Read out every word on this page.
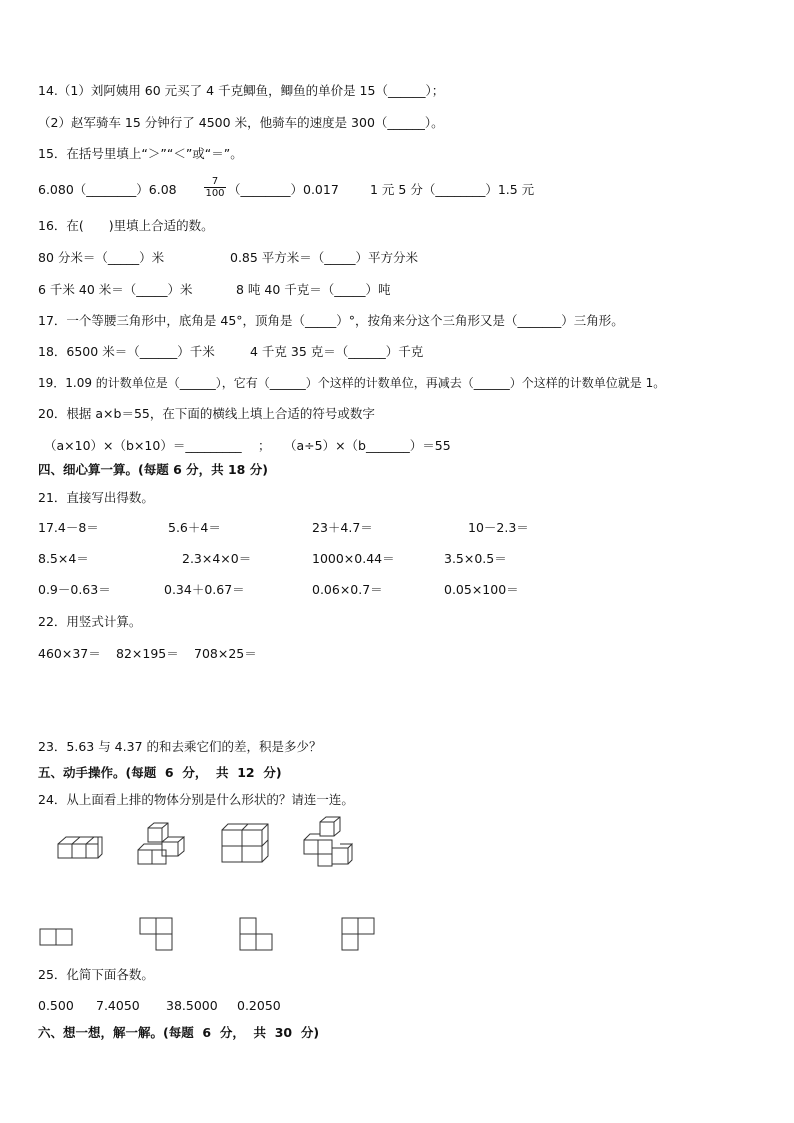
14.（1）刘阿姨用 60 元买了 4 千克鲫鱼，鲫鱼的单价是 15（______）；
（2）赵军骑车 15 分钟行了 4500 米，他骑车的速度是 300（______）。
15．在括号里填上“＞”“＜”或“＝”。
6.080（________）6.08	$\frac{7}{100}$ （________）0.017 1 元 5 分（________）1.5 元
16．在(　　)里填上合适的数。
80 分米＝（_____）米	0.85 平方米＝（_____）平方分米
6 千米 40 米＝（_____）米	8 吨 40 千克＝（_____）吨
17．一个等腰三角形中，底角是 45°，顶角是（_____）°，按角来分这个三角形又是（_______）三角形。
18．6500 米＝（______）千米	4 千克 35 克＝（______）千克
19．1.09 的计数单位是（______），它有（______）个这样的计数单位，再减去（______）个这样的计数单位就是 1。
20．根据 a×b＝55，在下面的横线上填上合适的符号或数字
（a×10）×（b×10）＝_________ ； （a÷5）×（b_______）＝55
四、细心算一算。(每题 6 分，共 18 分)
21．直接写出得数。
17.4－8＝	5.6＋4＝	23＋4.7＝	10－2.3＝
8.5×4＝	2.3×4×0＝	1000×0.44＝	3.5×0.5＝
0.9－0.63＝	0.34＋0.67＝	0.06×0.7＝	0.05×100＝
22．用竖式计算。
460×37＝ 82×195＝ 708×25＝
23．5.63 与 4.37 的和去乘它们的差，积是多少？
五、动手操作。(每题  6  分，  共  12  分)
24．从上面看上排的物体分别是什么形状的？请连一连。
25．化简下面各数。
0.500 7.4050 38.5000 0.2050
六、想一想，解一解。(每题  6  分，  共  30  分)
